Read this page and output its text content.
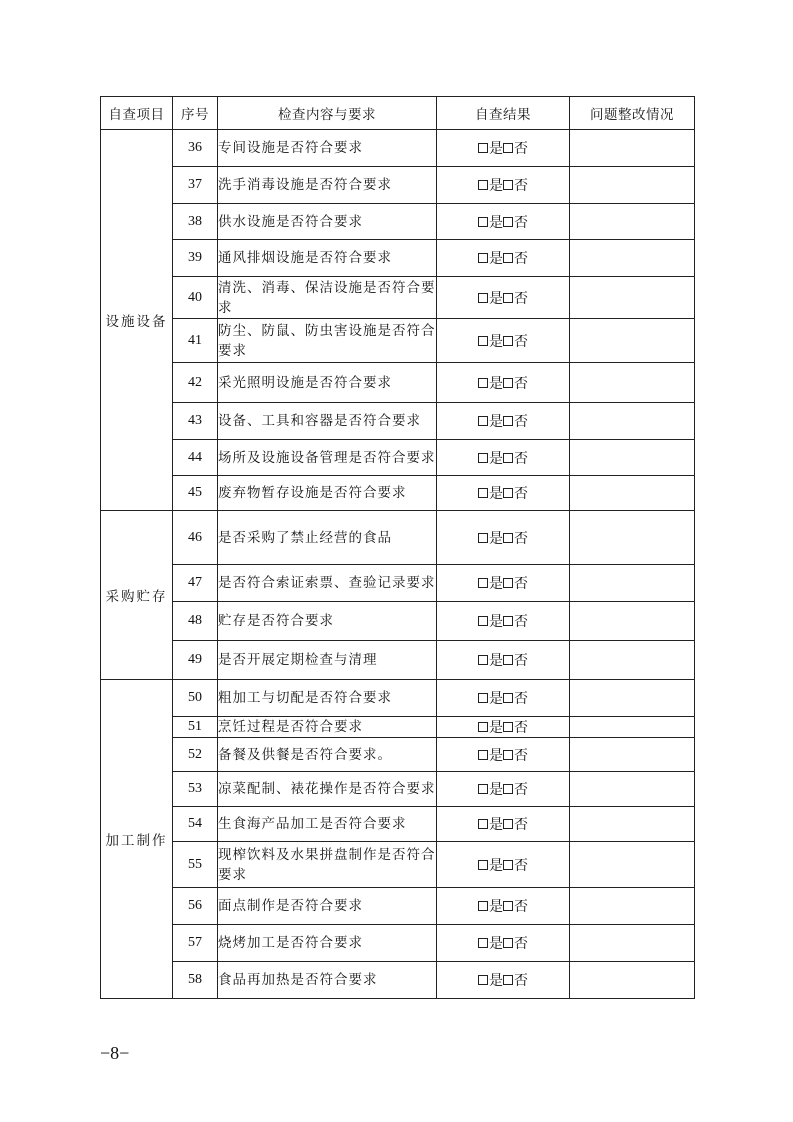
自查项目	序号	检查内容与要求	自查结果	问题整改情况
设施设备	36	专间设施是否符合要求	是 否	
	37	洗手消毒设施是否符合要求	是 否	
	38	供水设施是否符合要求	是 否	
	39	通风排烟设施是否符合要求	是 否	
	40	清洗、消毒、保洁设施是否符合要求	是 否	
	41	防尘、防鼠、防虫害设施是否符合要求	是 否	
	42	采光照明设施是否符合要求	是 否	
	43	设备、工具和容器是否符合要求	是 否	
	44	场所及设施设备管理是否符合要求	是 否	
	45	废弃物暂存设施是否符合要求	是 否	
采购贮存	46	是否采购了禁止经营的食品	是 否	
	47	是否符合索证索票、查验记录要求	是 否	
	48	贮存是否符合要求	是 否	
	49	是否开展定期检查与清理	是 否	
加工制作	50	粗加工与切配是否符合要求	是 否	
	51	烹饪过程是否符合要求	是 否	
	52	备餐及供餐是否符合要求。	是 否	
	53	凉菜配制、裱花操作是否符合要求	是 否	
	54	生食海产品加工是否符合要求	是 否	
	55	现榨饮料及水果拼盘制作是否符合要求	是 否	
	56	面点制作是否符合要求	是 否	
	57	烧烤加工是否符合要求	是 否	
	58	食品再加热是否符合要求	是 否	
−8−
